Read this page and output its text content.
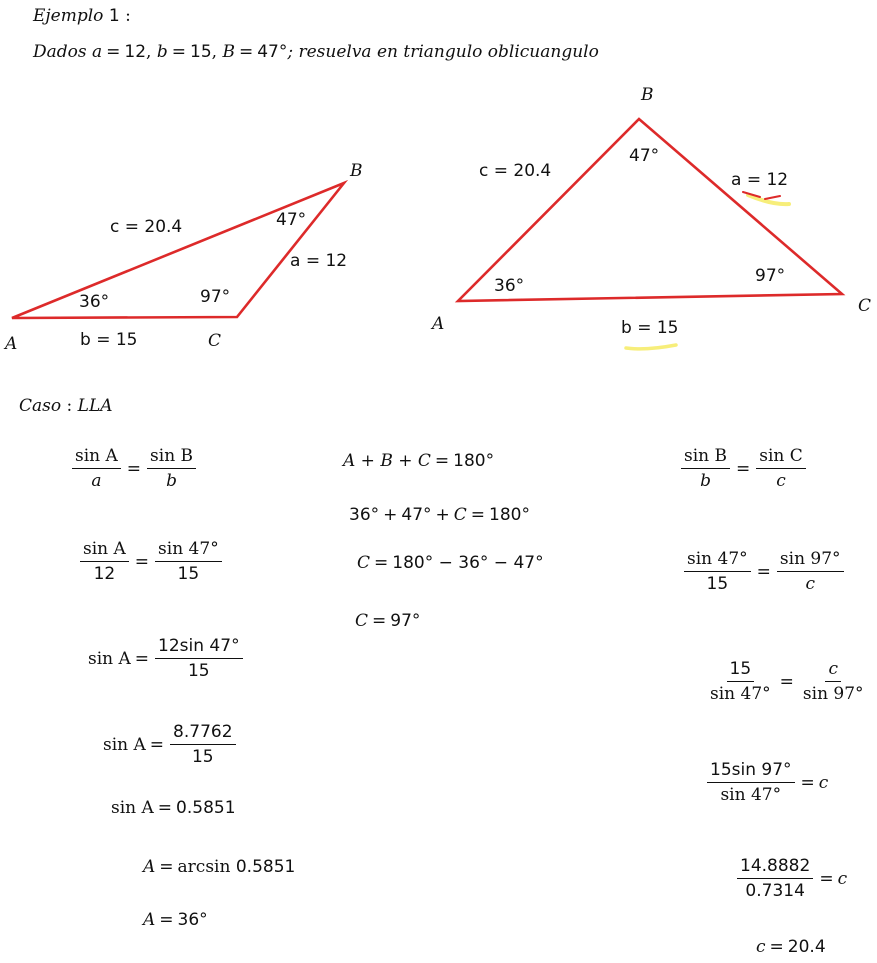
Ejemplo 1 :
Dados a = 12, b = 15, B = 47°; resuelva en triangulo oblicuangulo
A
B
C
c = 20.4
a = 12
b = 15
36°
47°
97°
A
B
C
c = 20.4	a = 12
b = 15
36°
47°
97°
Caso : LLA
$\frac{\text{sin A}}{a} = \frac{\text{sin B}}{b}$
$\frac{\text{sin A}}{12} = \frac{\sin 47^\circ}{15}$
$\sin A = \frac{12\sin 47^\circ}{15}$
$\sin A = \frac{8.7762}{15}$
sin A = 0.5851
A = arcsin
0.5851
A = 36°
A + B + C = 180°
36° + 47° + C = 180°
C = 180° − 36° − 47°
C = 97°
$\frac{\text{sin B}}{b} = \frac{\text{sin C}}{c}$
$\frac{\sin 47^\circ}{15} = \frac{\sin 97^\circ}{c}$
$\frac{15}{\sin 47^\circ} = \frac{c}{\sin 97^\circ}$
$\frac{15\sin 97^\circ}{\sin 47^\circ} = c$
$\frac{14.8882}{0.7314} = c$
c = 20.4
